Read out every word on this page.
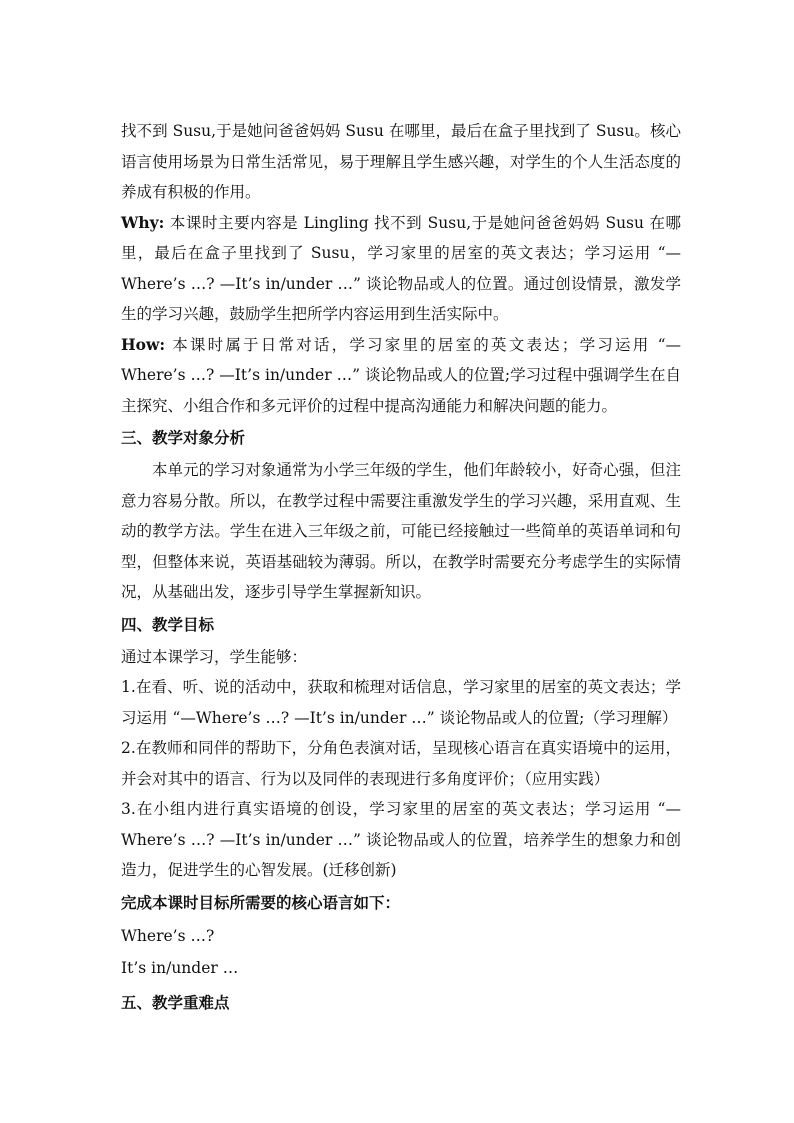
找不到 Susu,于是她问爸爸妈妈 Susu 在哪里，最后在盒子里找到了 Susu。核心语言使用场景为日常生活常见，易于理解且学生感兴趣，对学生的个人生活态度的养成有积极的作用。

Why: 本课时主要内容是 Lingling 找不到 Susu,于是她问爸爸妈妈 Susu 在哪里，最后在盒子里找到了 Susu，学习家里的居室的英文表达；学习运用 “—Where’s …? —It’s in/under …” 谈论物品或人的位置。通过创设情景，激发学生的学习兴趣，鼓励学生把所学内容运用到生活实际中。

How: 本课时属于日常对话，学习家里的居室的英文表达；学习运用 “—Where’s …? —It’s in/under …” 谈论物品或人的位置;学习过程中强调学生在自主探究、小组合作和多元评价的过程中提高沟通能力和解决问题的能力。

三、教学对象分析

本单元的学习对象通常为小学三年级的学生，他们年龄较小，好奇心强，但注意力容易分散。所以，在教学过程中需要注重激发学生的学习兴趣，采用直观、生动的教学方法。学生在进入三年级之前，可能已经接触过一些简单的英语单词和句型，但整体来说，英语基础较为薄弱。所以，在教学时需要充分考虑学生的实际情况，从基础出发，逐步引导学生掌握新知识。

四、教学目标

通过本课学习，学生能够：

1.在看、听、说的活动中，获取和梳理对话信息，学习家里的居室的英文表达；学习运用 “—Where’s …? —It’s in/under …” 谈论物品或人的位置;（学习理解）

2.在教师和同伴的帮助下，分角色表演对话，呈现核心语言在真实语境中的运用，并会对其中的语言、行为以及同伴的表现进行多角度评价；（应用实践）

3.在小组内进行真实语境的创设，学习家里的居室的英文表达；学习运用 “—Where’s …? —It’s in/under …” 谈论物品或人的位置，培养学生的想象力和创造力，促进学生的心智发展。(迁移创新)

完成本课时目标所需要的核心语言如下：

Where’s …?

It’s in/under …

五、教学重难点
